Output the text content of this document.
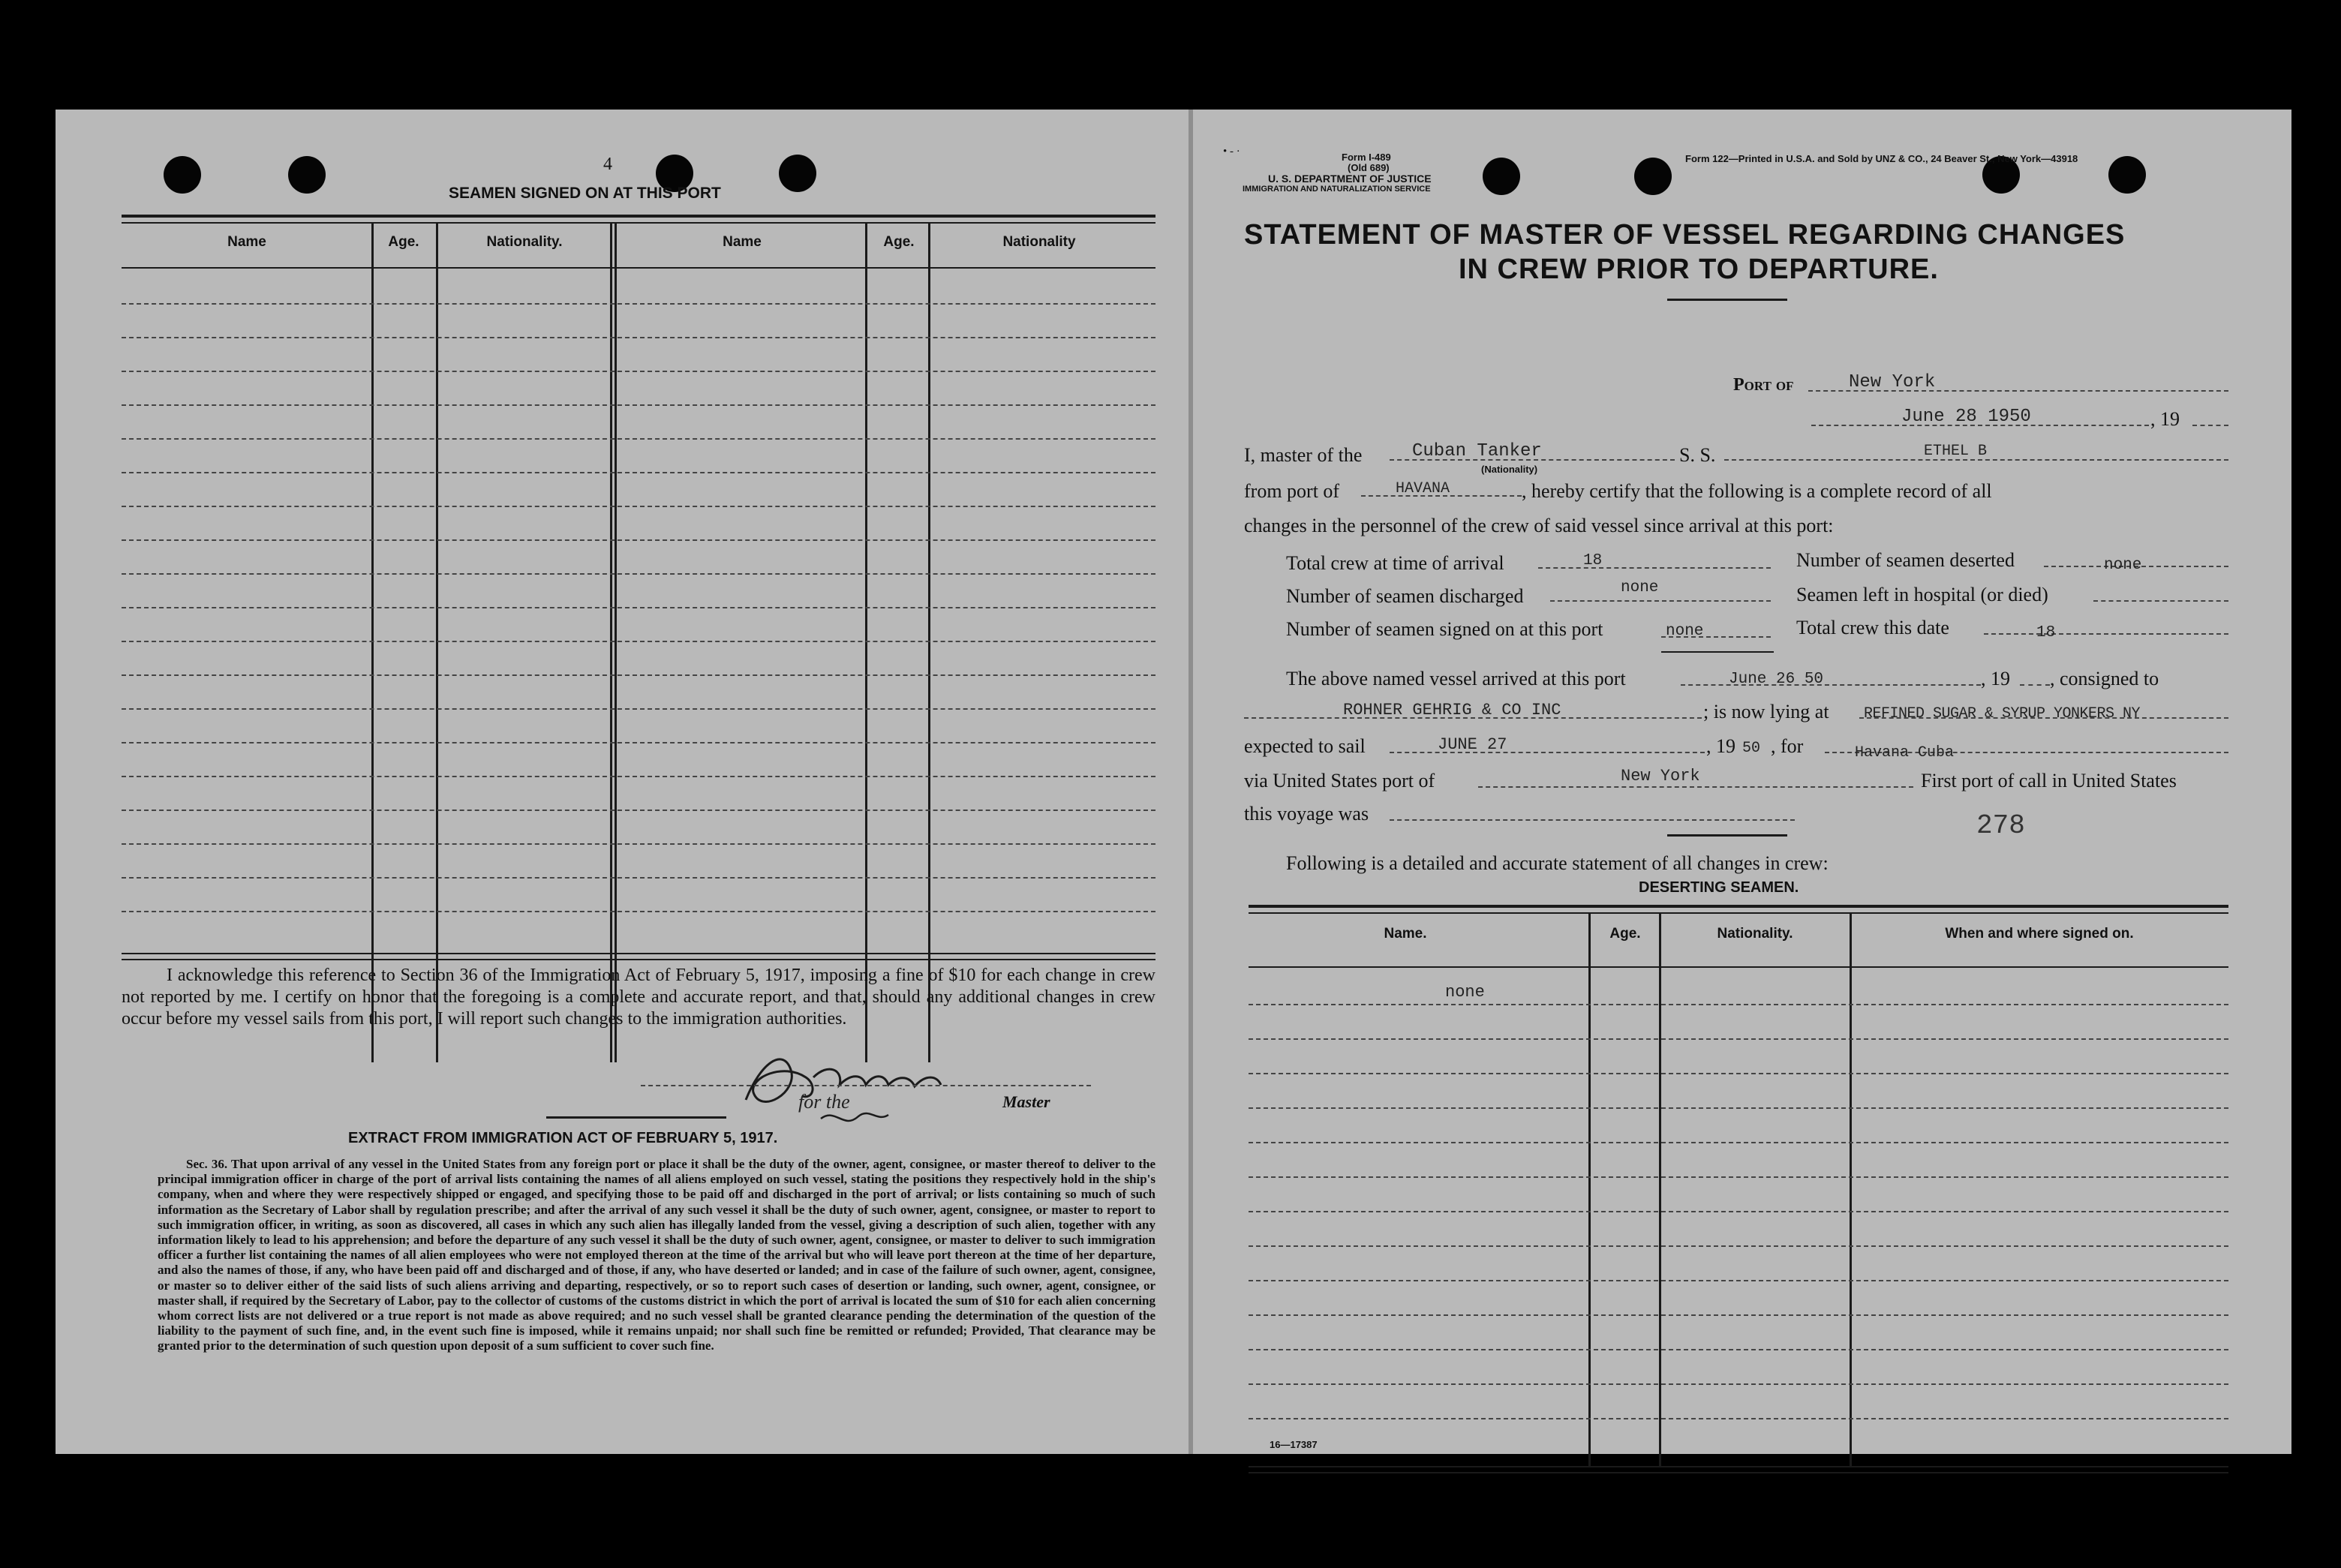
4
SEAMEN SIGNED ON AT THIS PORT
Name	Age.	Nationality.	Name	Age.	Nationality
I acknowledge this reference to Section 36 of the Immigration Act of February 5, 1917, imposing a fine of $10 for each change in crew not reported by me. I certify on honor that the foregoing is a complete and accurate report, and that, should any additional changes in crew occur before my vessel sails from this port, I will report such changes to the immigration authorities.
for the	Master
EXTRACT FROM IMMIGRATION ACT OF FEBRUARY 5, 1917.
Sec. 36. That upon arrival of any vessel in the United States from any foreign port or place it shall be the duty of the owner, agent, consignee, or master thereof to deliver to the principal immigration officer in charge of the port of arrival lists containing the names of all aliens employed on such vessel, stating the positions they respectively hold in the ship's company, when and where they were respectively shipped or engaged, and specifying those to be paid off and discharged in the port of arrival; or lists containing so much of such information as the Secretary of Labor shall by regulation prescribe; and after the arrival of any such vessel it shall be the duty of such owner, agent, consignee, or master to report to such immigration officer, in writing, as soon as discovered, all cases in which any such alien has illegally landed from the vessel, giving a description of such alien, together with any information likely to lead to his apprehension; and before the departure of any such vessel it shall be the duty of such owner, agent, consignee, or master to deliver to such immigration officer a further list containing the names of all alien employees who were not employed thereon at the time of the arrival but who will leave port thereon at the time of her departure, and also the names of those, if any, who have been paid off and discharged and of those, if any, who have deserted or landed; and in case of the failure of such owner, agent, consignee, or master so to deliver either of the said lists of such aliens arriving and departing, respectively, or so to report such cases of desertion or landing, such owner, agent, consignee, or master shall, if required by the Secretary of Labor, pay to the collector of customs of the customs district in which the port of arrival is located the sum of $10 for each alien concerning whom correct lists are not delivered or a true report is not made as above required; and no such vessel shall be granted clearance pending the determination of the question of the liability to the payment of such fine, and, in the event such fine is imposed, while it remains unpaid; nor shall such fine be remitted or refunded; Provided, That clearance may be granted prior to the determination of such question upon deposit of a sum sufficient to cover such fine.
• - ·	Form I-489
(Old 689)
U. S. DEPARTMENT OF JUSTICE
IMMIGRATION AND NATURALIZATION SERVICE
Form 122—Printed in U.S.A. and Sold by UNZ & CO., 24 Beaver St., New York—43918
STATEMENT OF MASTER OF VESSEL REGARDING CHANGES
IN CREW PRIOR TO DEPARTURE.
Port of	New York
June 28 1950	, 19
I, master of the	Cuban Tanker
(Nationality)
S. S.	ETHEL B
from port of	HAVANA	, hereby certify that the following is a complete record of all
changes in the personnel of the crew of said vessel since arrival at this port:
Total crew at time of arrival	18	Number of seamen deserted	none
Number of seamen discharged	none	Seamen left in hospital (or died)
Number of seamen signed on at this port	none	Total crew this date	18
The above named vessel arrived at this port	June 26 50	, 19 , consigned to
ROHNER GEHRIG & CO INC	; is now lying at REFINED SUGAR & SYRUP YONKERS NY
expected to sail	JUNE 27	, 19 50 , for	Havana Cuba
via United States port of	New York	First port of call in United States
this voyage was	278
Following is a detailed and accurate statement of all changes in crew:
DESERTING SEAMEN.
Name.	Age.	Nationality.	When and where signed on.
none
16—17387
